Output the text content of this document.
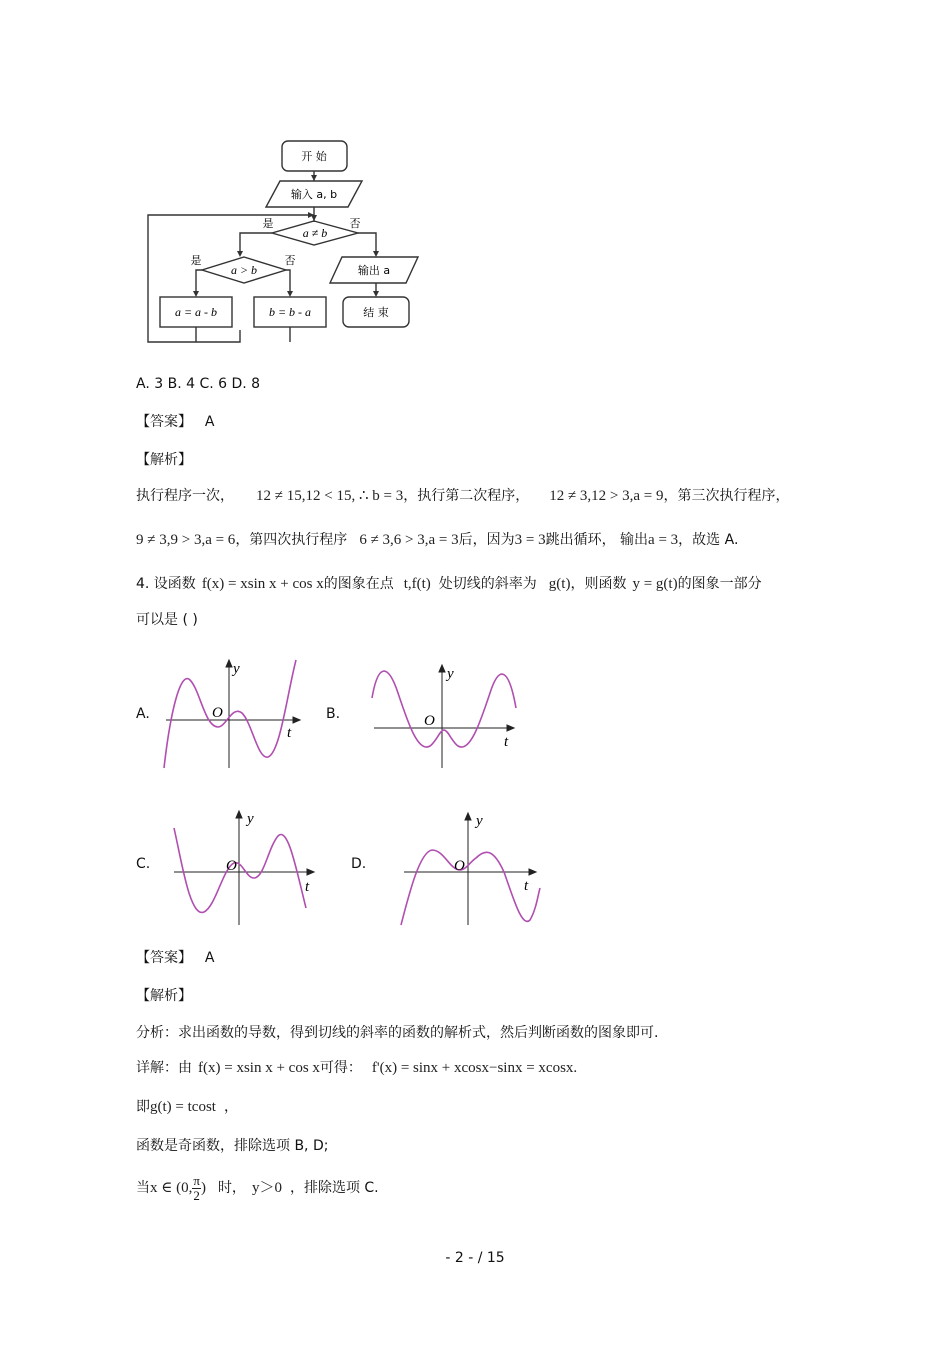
开 始
输入 a, b
a ≠ b
是	否
a > b
是	否
a = a - b	b = b - a
输出 a
结 束
A. 3 B. 4 C. 6 D. 8
【答案】 A
【解析】
执行程序一次， 12 ≠ 15,12 < 15, ∴ b = 3，执行第二次程序， 12 ≠ 3,12 > 3,a = 9，第三次执行程序，
9 ≠ 3,9 > 3,a = 6，第四次执行程序 6 ≠ 3,6 > 3,a = 3后，因为3 = 3跳出循环， 输出a = 3，故选 A.
4. 设函数 f(x) = xsin x + cos x的图象在点 t,f(t) 处切线的斜率为 g(t)，则函数 y = g(t)的图象一部分
可以是 ( )
A.	B.
C.	D.
y
t
O
y
t
O
y
t
O
y
t
O
【答案】 A
【解析】
分析：求出函数的导数，得到切线的斜率的函数的解析式，然后判断函数的图象即可.
详解：由 f(x) = xsin x + cos x可得： f'(x) = sinx + xcosx−sinx = xcosx.
即g(t) = tcost ，
函数是奇函数，排除选项 B, D;
当x ∈ (0, $\frac{\pi}{2}$ ) 时， y＞0 ，排除选项 C.
- 2 - / 15
